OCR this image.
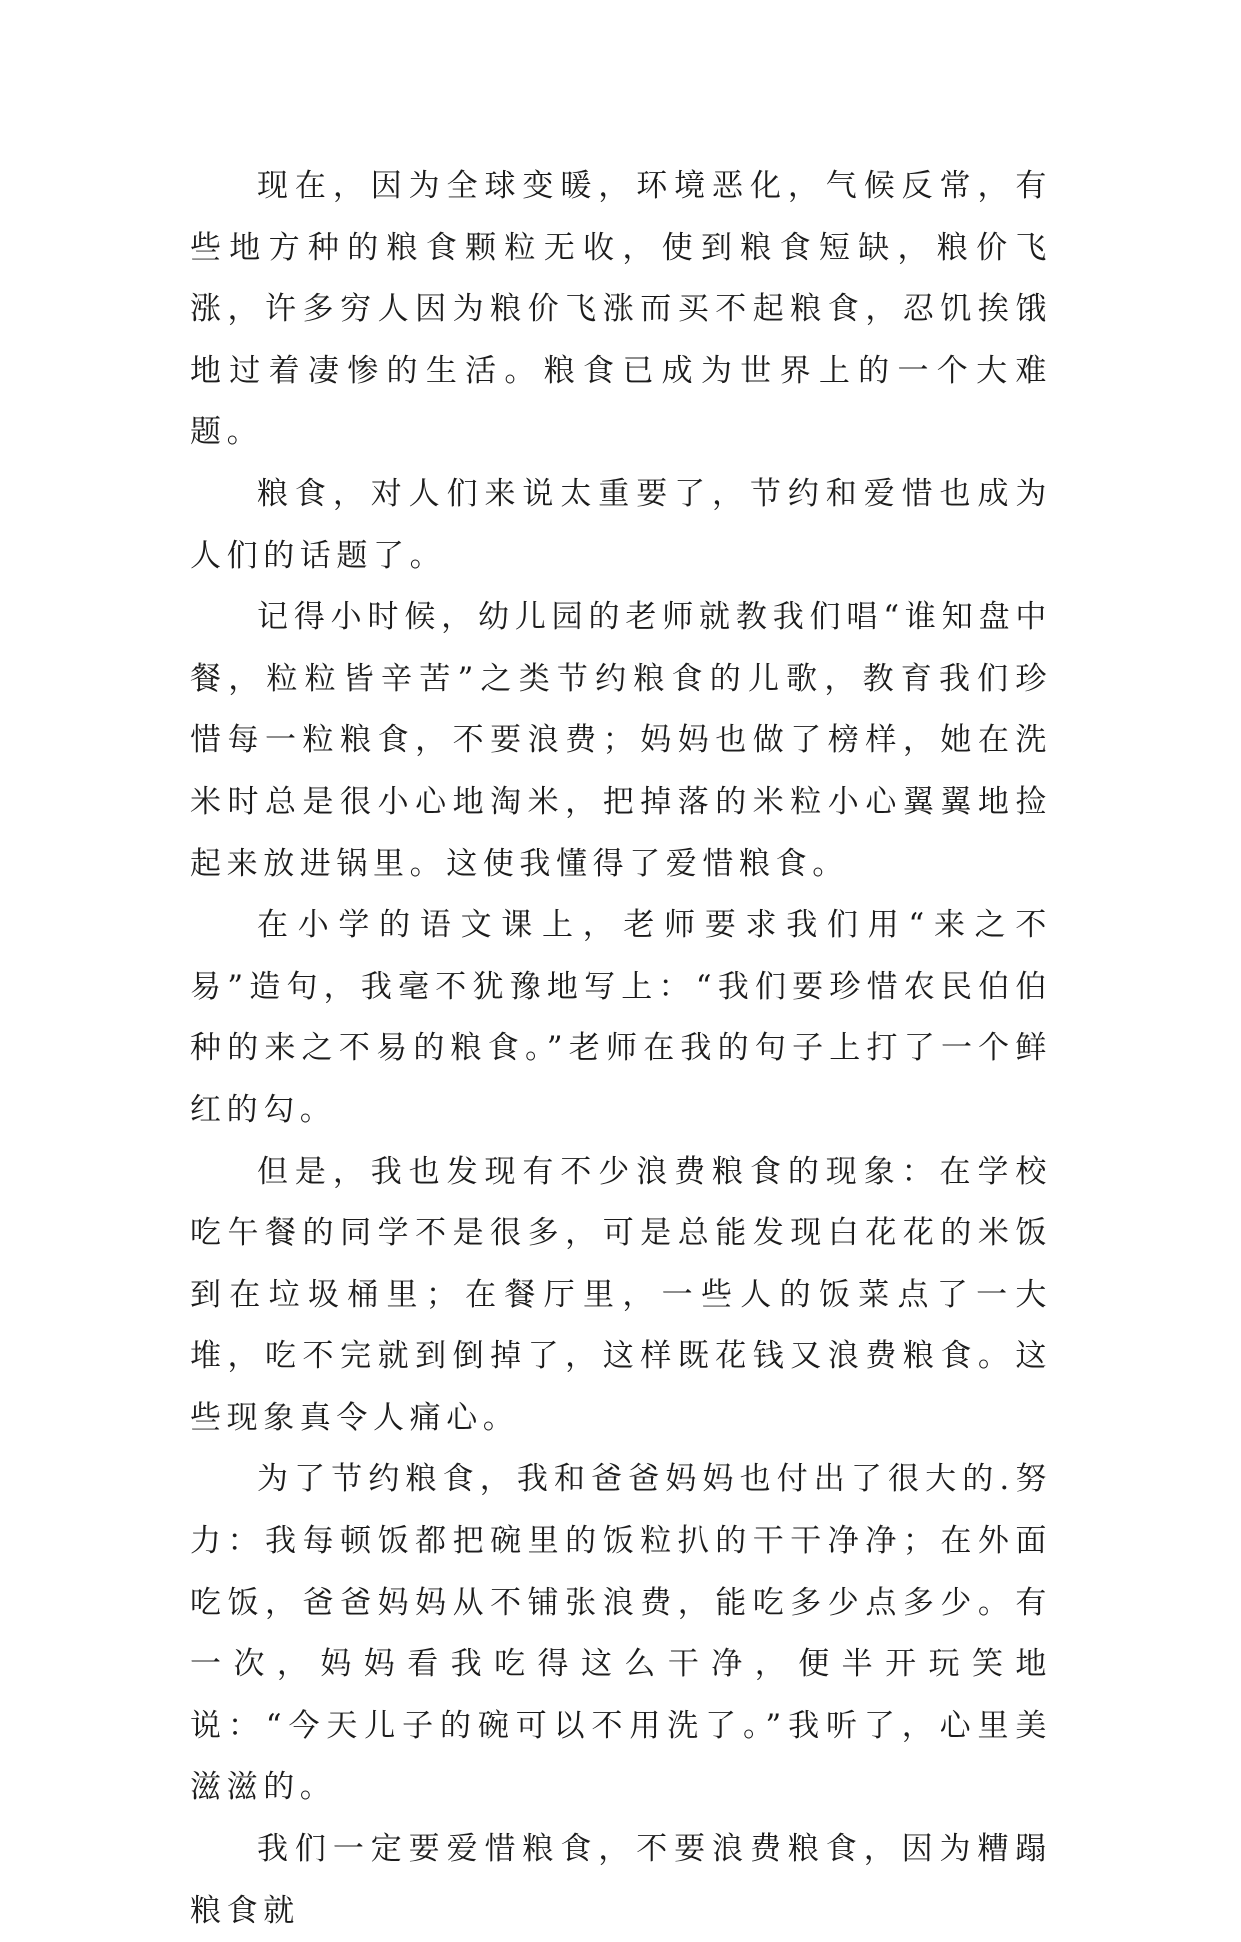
现在，因为全球变暖，环境恶化，气候反常，有些地方种的粮食颗粒无收，使到粮食短缺，粮价飞涨，许多穷人因为粮价飞涨而买不起粮食，忍饥挨饿地过着凄惨的生活。粮食已成为世界上的一个大难题。

粮食，对人们来说太重要了，节约和爱惜也成为人们的话题了。

记得小时候，幼儿园的老师就教我们唱“谁知盘中餐，粒粒皆辛苦”之类节约粮食的儿歌，教育我们珍惜每一粒粮食，不要浪费；妈妈也做了榜样，她在洗米时总是很小心地淘米，把掉落的米粒小心翼翼地捡起来放进锅里。这使我懂得了爱惜粮食。

在小学的语文课上，老师要求我们用“来之不易”造句，我毫不犹豫地写上：“我们要珍惜农民伯伯种的来之不易的粮食。”老师在我的句子上打了一个鲜红的勾。

但是，我也发现有不少浪费粮食的现象：在学校吃午餐的同学不是很多，可是总能发现白花花的米饭到在垃圾桶里；在餐厅里，一些人的饭菜点了一大堆，吃不完就到倒掉了，这样既花钱又浪费粮食。这些现象真令人痛心。

为了节约粮食，我和爸爸妈妈也付出了很大的.努力：我每顿饭都把碗里的饭粒扒的干干净净；在外面吃饭，爸爸妈妈从不铺张浪费，能吃多少点多少。有一次，妈妈看我吃得这么干净，便半开玩笑地说：“今天儿子的碗可以不用洗了。”我听了，心里美滋滋的。

我们一定要爱惜粮食，不要浪费粮食，因为糟蹋粮食就
